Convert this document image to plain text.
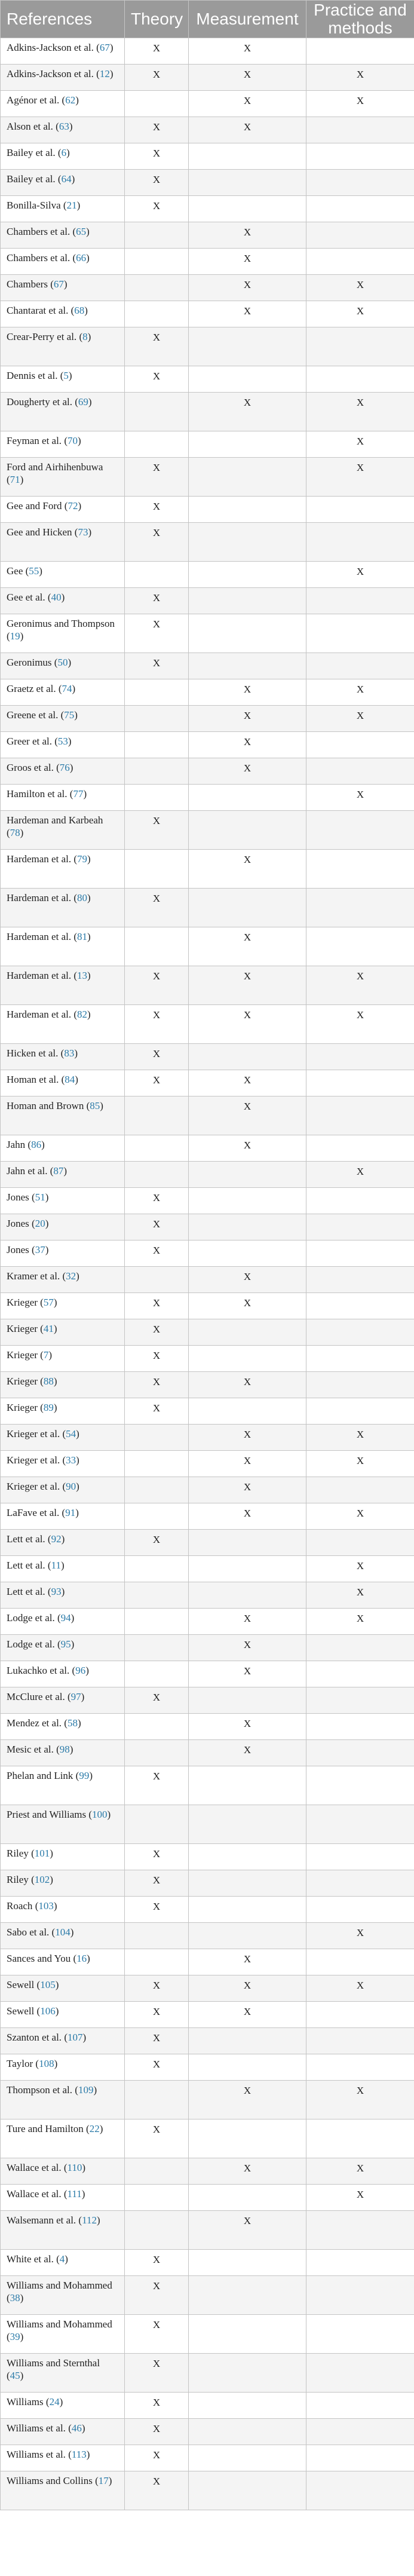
References	Theory	Measurement	Practice and methods
Adkins-Jackson et al. (67)	X	X	
Adkins-Jackson et al. (12)	X	X	X
Agénor et al. (62)		X	X
Alson et al. (63)	X	X	
Bailey et al. (6)	X		
Bailey et al. (64)	X		
Bonilla-Silva (21)	X		
Chambers et al. (65)		X	
Chambers et al. (66)		X	
Chambers (67)		X	X
Chantarat et al. (68)		X	X
Crear-Perry et al. (8)	X		
Dennis et al. (5)	X		
Dougherty et al. (69)		X	X
Feyman et al. (70)			X
Ford and Airhihenbuwa (71)	X		X
Gee and Ford (72)	X		
Gee and Hicken (73)	X		
Gee (55)			X
Gee et al. (40)	X		
Geronimus and Thompson (19)	X		
Geronimus (50)	X		
Graetz et al. (74)		X	X
Greene et al. (75)		X	X
Greer et al. (53)		X	
Groos et al. (76)		X	
Hamilton et al. (77)			X
Hardeman and Karbeah (78)	X		
Hardeman et al. (79)		X	
Hardeman et al. (80)	X		
Hardeman et al. (81)		X	
Hardeman et al. (13)	X	X	X
Hardeman et al. (82)	X	X	X
Hicken et al. (83)	X		
Homan et al. (84)	X	X	
Homan and Brown (85)		X	
Jahn (86)		X	
Jahn et al. (87)			X
Jones (51)	X		
Jones (20)	X		
Jones (37)	X		
Kramer et al. (32)		X	
Krieger (57)	X	X	
Krieger (41)	X		
Krieger (7)	X		
Krieger (88)	X	X	
Krieger (89)	X		
Krieger et al. (54)		X	X
Krieger et al. (33)		X	X
Krieger et al. (90)		X	
LaFave et al. (91)		X	X
Lett et al. (92)	X		
Lett et al. (11)			X
Lett et al. (93)			X
Lodge et al. (94)		X	X
Lodge et al. (95)		X	
Lukachko et al. (96)		X	
McClure et al. (97)	X		
Mendez et al. (58)		X	
Mesic et al. (98)		X	
Phelan and Link (99)	X		
Priest and Williams (100)			
Riley (101)	X		
Riley (102)	X		
Roach (103)	X		
Sabo et al. (104)			X
Sances and You (16)		X	
Sewell (105)	X	X	X
Sewell (106)	X	X	
Szanton et al. (107)	X		
Taylor (108)	X		
Thompson et al. (109)		X	X
Ture and Hamilton (22)	X		
Wallace et al. (110)		X	X
Wallace et al. (111)			X
Walsemann et al. (112)		X	
White et al. (4)	X		
Williams and Mohammed (38)	X		
Williams and Mohammed (39)	X		
Williams and Sternthal (45)	X		
Williams (24)	X		
Williams et al. (46)	X		
Williams et al. (113)	X		
Williams and Collins (17)	X		
